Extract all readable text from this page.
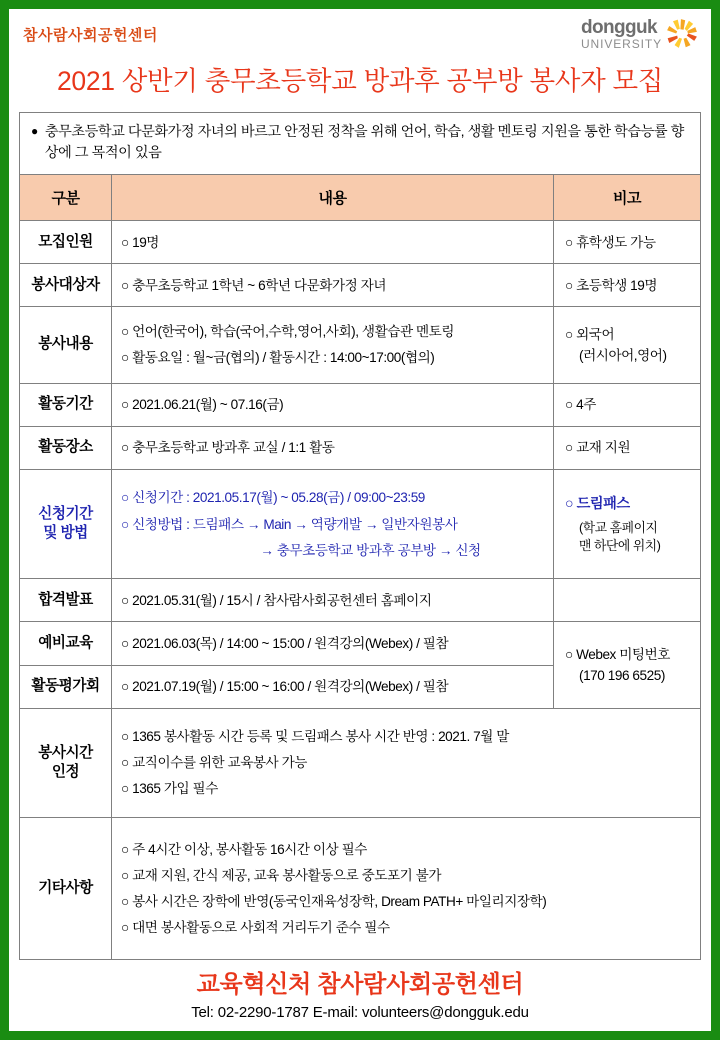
참사람사회공헌센터	dongguk
UNIVERSITY
2021 상반기 충무초등학교 방과후 공부방 봉사자 모집
● 충무초등학교 다문화가정 자녀의 바르고 안정된 정착을 위해 언어, 학습, 생활 멘토링 지원을 통한 학습능률 향상에 그 목적이 있음
구분	내용	비고
모집인원	○ 19명	○ 휴학생도 가능

봉사대상자	○ 충무초등학교 1학년 ~ 6학년 다문화가정 자녀	○ 초등학생 19명

봉사내용	○ 언어(한국어), 학습(국어,수학,영어,사회), 생활습관 멘토링
○ 활동요일 : 월~금(협의) / 활동시간 : 14:00~17:00(협의)	○ 외국어
(러시아어,영어)

활동기간	○ 2021.06.21(월) ~ 07.16(금)	○ 4주

활동장소	○ 충무초등학교 방과후 교실 / 1:1 활동	○ 교재 지원

신청기간
및 방법	○ 신청기간 : 2021.05.17(월) ~ 05.28(금) / 09:00~23:59
○ 신청방법 : 드림패스 → Main → 역량개발 → 일반자원봉사
→ 충무초등학교 방과후 공부방 → 신청	○ 드림패스
(학교 홈페이지
맨 하단에 위치)

합격발표	○ 2021.05.31(월) / 15시 / 참사람사회공헌센터 홈페이지	

예비교육	○ 2021.06.03(목) / 14:00 ~ 15:00 / 원격강의(Webex) / 필참	○ Webex 미팅번호
(170 196 6525)

활동평가회	○ 2021.07.19(월) / 15:00 ~ 16:00 / 원격강의(Webex) / 필참	

봉사시간
인정	○ 1365 봉사활동 시간 등록 및 드림패스 봉사 시간 반영 : 2021. 7월 말
○ 교직이수를 위한 교육봉사 가능
○ 1365 가입 필수	

기타사항	○ 주 4시간 이상, 봉사활동 16시간 이상 필수
○ 교재 지원, 간식 제공, 교육 봉사활동으로 중도포기 불가
○ 봉사 시간은 장학에 반영(동국인재육성장학, Dream PATH+ 마일리지장학)
○ 대면 봉사활동으로 사회적 거리두기 준수 필수	
교육혁신처 참사람사회공헌센터
Tel: 02-2290-1787 E-mail: volunteers@dongguk.edu
